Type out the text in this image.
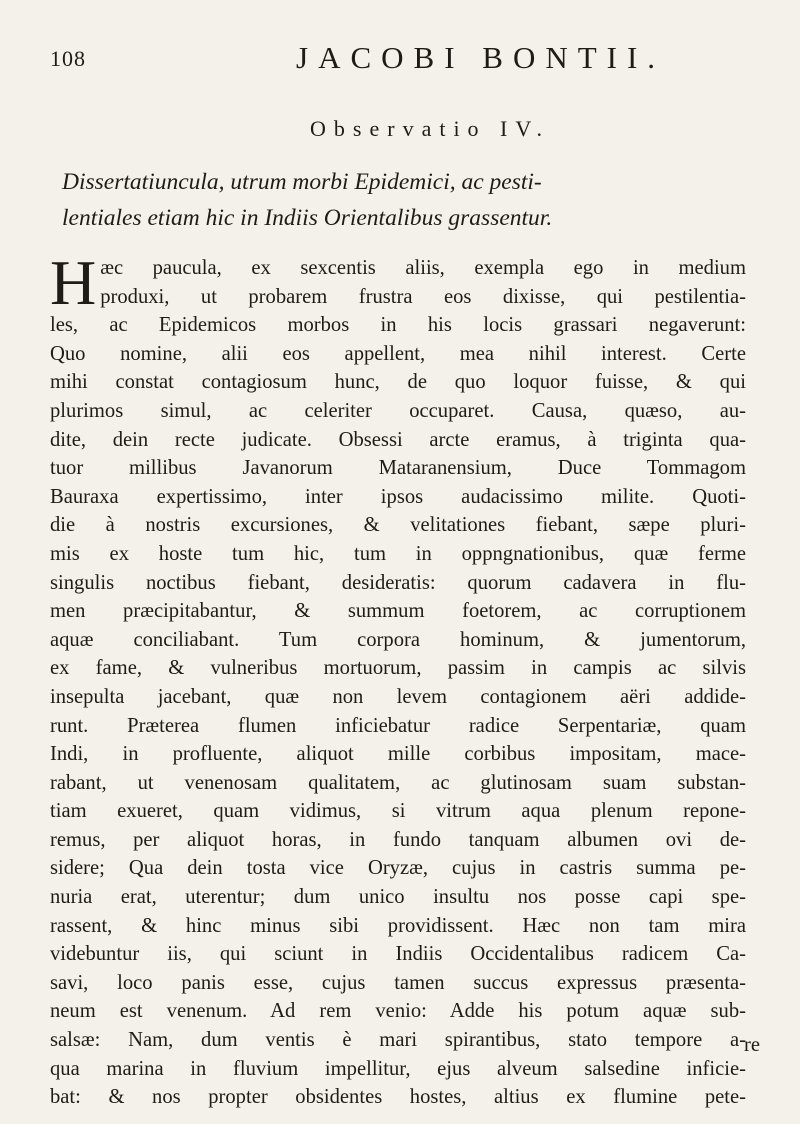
108	JACOBI BONTII.
Observatio IV.
Dissertatiuncula, utrum morbi Epidemici, ac pesti-
lentiales etiam hic in Indiis Orientalibus grassentur.
H æc paucula, ex sexcentis aliis, exempla ego in medium
produxi, ut probarem frustra eos dixisse, qui pestilentia-
les, ac Epidemicos morbos in his locis grassari negaverunt:
Quo nomine, alii eos appellent, mea nihil interest. Certe
mihi constat contagiosum hunc, de quo loquor fuisse, & qui
plurimos simul, ac celeriter occuparet. Causa, quæso, au-
dite, dein recte judicate. Obsessi arcte eramus, à triginta qua-
tuor millibus Javanorum Mataranensium, Duce Tommagom
Bauraxa expertissimo, inter ipsos audacissimo milite. Quoti-
die à nostris excursiones, & velitationes fiebant, sæpe pluri-
mis ex hoste tum hic, tum in oppngnationibus, quæ ferme
singulis noctibus fiebant, desideratis: quorum cadavera in flu-
men præcipitabantur, & summum foetorem, ac corruptionem
aquæ conciliabant. Tum corpora hominum, & jumentorum,
ex fame, & vulneribus mortuorum, passim in campis ac silvis
insepulta jacebant, quæ non levem contagionem aëri addide-
runt. Præterea flumen inficiebatur radice Serpentariæ, quam
Indi, in profluente, aliquot mille corbibus impositam, mace-
rabant, ut venenosam qualitatem, ac glutinosam suam substan-
tiam exueret, quam vidimus, si vitrum aqua plenum repone-
remus, per aliquot horas, in fundo tanquam albumen ovi de-
sidere; Qua dein tosta vice Oryzæ, cujus in castris summa pe-
nuria erat, uterentur; dum unico insultu nos posse capi spe-
rassent, & hinc minus sibi providissent. Hæc non tam mira
videbuntur iis, qui sciunt in Indiis Occidentalibus radicem Ca-
savi, loco panis esse, cujus tamen succus expressus præsenta-
neum est venenum. Ad rem venio: Adde his potum aquæ sub-
salsæ: Nam, dum ventis è mari spirantibus, stato tempore a-
qua marina in fluvium impellitur, ejus alveum salsedine inficie-
bat: & nos propter obsidentes hostes, altius ex flumine pete-
re
